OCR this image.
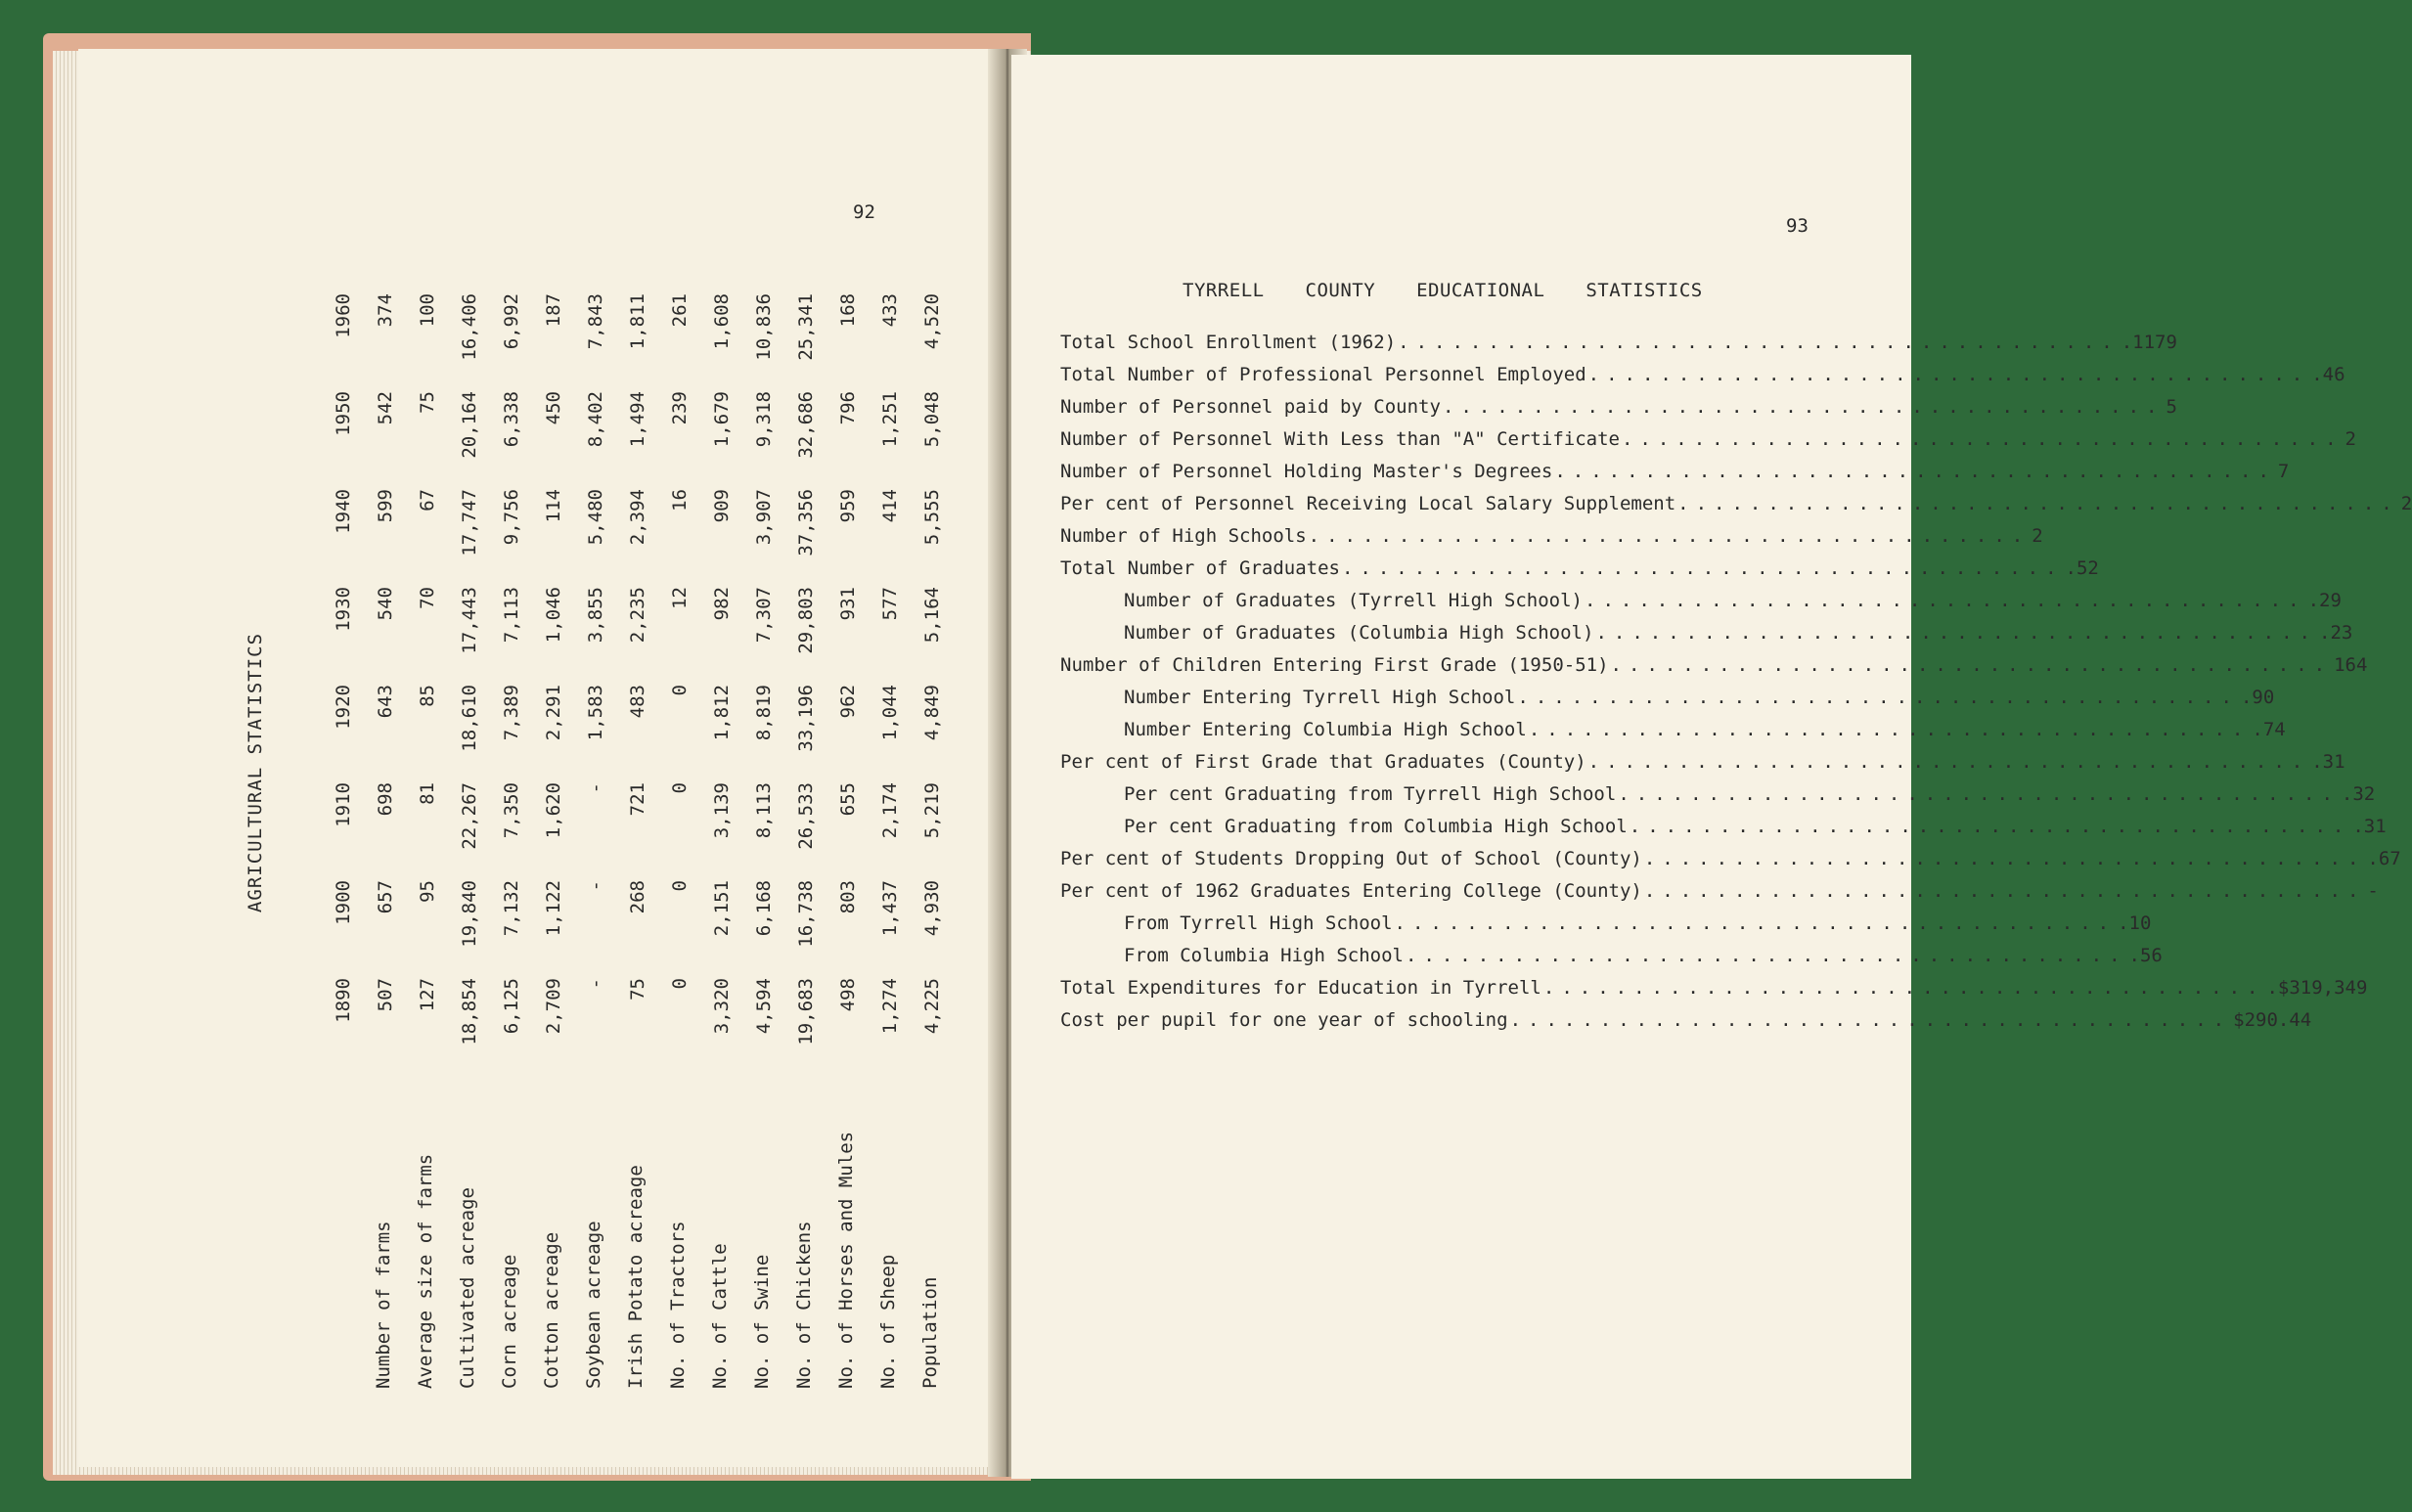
92
AGRICULTURAL STATISTICS
1890
1900
1910
1920
1930
1940
1950
1960
Number of farms
507
657
698
643
540
599
542
374
Average size of farms
127
95
81
85
70
67
75
100
Cultivated acreage
18,854
19,840
22,267
18,610
17,443
17,747
20,164
16,406
Corn acreage
6,125
7,132
7,350
7,389
7,113
9,756
6,338
6,992
Cotton acreage
2,709
1,122
1,620
2,291
1,046
114
450
187
Soybean acreage
-
-
-
1,583
3,855
5,480
8,402
7,843
Irish Potato acreage
75
268
721
483
2,235
2,394
1,494
1,811
No. of Tractors
0
0
0
0
12
16
239
261
No. of Cattle
3,320
2,151
3,139
1,812
982
909
1,679
1,608
No. of Swine
4,594
6,168
8,113
8,819
7,307
3,907
9,318
10,836
No. of Chickens
19,683
16,738
26,533
33,196
29,803
37,356
32,686
25,341
No. of Horses and Mules
498
803
655
962
931
959
796
168
No. of Sheep
1,274
1,437
2,174
1,044
577
414
1,251
433
Population
4,225
4,930
5,219
4,849
5,164
5,555
5,048
4,520
93
TYRRELL COUNTY EDUCATIONAL STATISTICS
Total School Enrollment (1962) ........................................ .1179
Total Number of Professional Personnel Employed ........................................ .46
Number of Personnel paid by County ........................................ 5
Number of Personnel With Less than "A" Certificate ........................................ 2
Number of Personnel Holding Master's Degrees ........................................ 7
Per cent of Personnel Receiving Local Salary Supplement ........................................ 2
Number of High Schools ........................................ 2
Total Number of Graduates ........................................ .52
Number of Graduates (Tyrrell High School) ........................................ .29
Number of Graduates (Columbia High School) ........................................ .23
Number of Children Entering First Grade (1950-51) ........................................ 164
Number Entering Tyrrell High School ........................................ .90
Number Entering Columbia High School ........................................ .74
Per cent of First Grade that Graduates (County) ........................................ .31
Per cent Graduating from Tyrrell High School ........................................ .32
Per cent Graduating from Columbia High School ........................................ .31
Per cent of Students Dropping Out of School (County) ........................................ .67
Per cent of 1962 Graduates Entering College (County) ........................................ -
From Tyrrell High School ........................................ .10
From Columbia High School ........................................ .56
Total Expenditures for Education in Tyrrell ........................................ .$319,349
Cost per pupil for one year of schooling ........................................ $290.44
